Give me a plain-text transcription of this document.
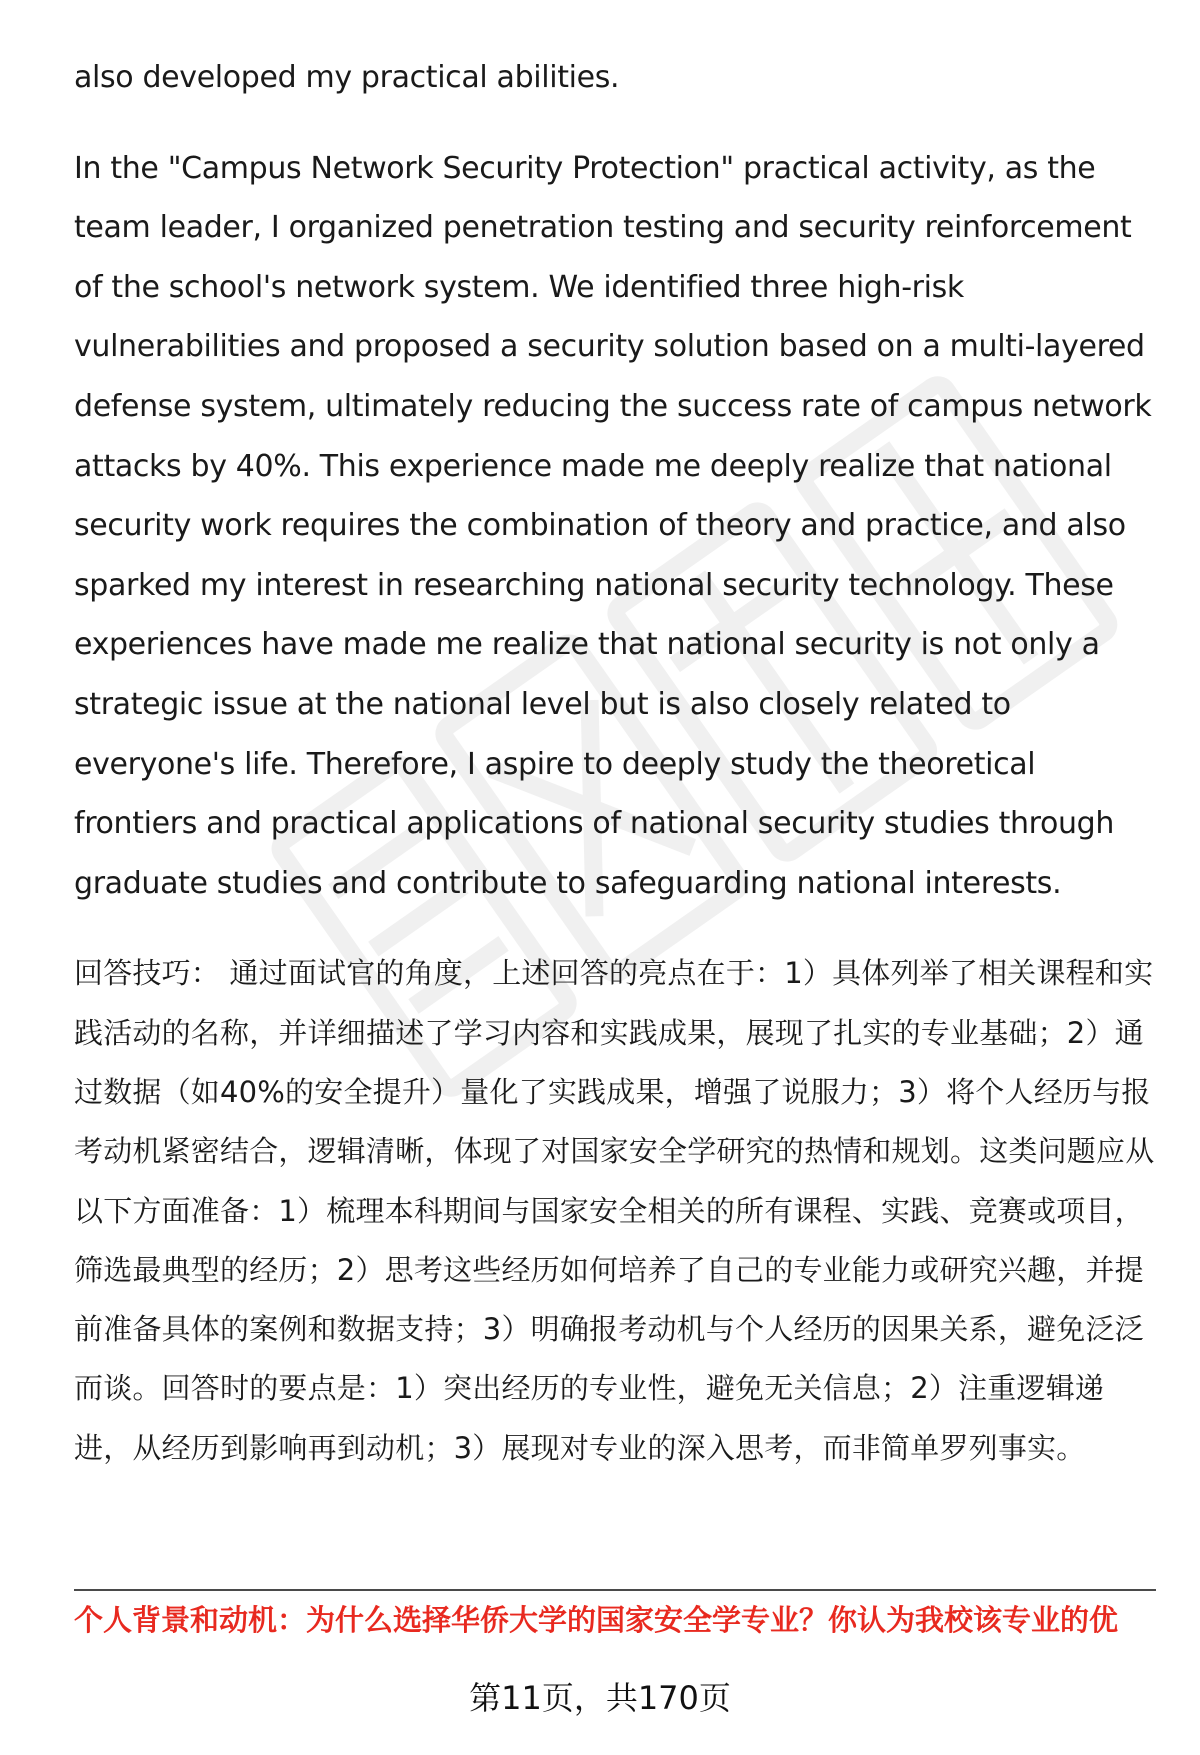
also developed my practical abilities.

In the "Campus Network Security Protection" practical activity, as the team leader, I organized penetration testing and security reinforcement of the school's network system. We identified three high-risk vulnerabilities and proposed a security solution based on a multi-layered defense system, ultimately reducing the success rate of campus network attacks by 40%. This experience made me deeply realize that national security work requires the combination of theory and practice, and also sparked my interest in researching national security technology. These experiences have made me realize that national security is not only a strategic issue at the national level but is also closely related to everyone's life. Therefore, I aspire to deeply study the theoretical frontiers and practical applications of national security studies through graduate studies and contribute to safeguarding national interests.

回答技巧： 通过面试官的角度，上述回答的亮点在于：1）具体列举了相关课程和实践活动的名称，并详细描述了学习内容和实践成果，展现了扎实的专业基础；2）通过数据（如40%的安全提升）量化了实践成果，增强了说服力；3）将个人经历与报考动机紧密结合，逻辑清晰，体现了对国家安全学研究的热情和规划。这类问题应从以下方面准备：1）梳理本科期间与国家安全相关的所有课程、实践、竞赛或项目，筛选最典型的经历；2）思考这些经历如何培养了自己的专业能力或研究兴趣，并提前准备具体的案例和数据支持；3）明确报考动机与个人经历的因果关系，避免泛泛而谈。回答时的要点是：1）突出经历的专业性，避免无关信息；2）注重逻辑递进，从经历到影响再到动机；3）展现对专业的深入思考，而非简单罗列事实。

个人背景和动机：为什么选择华侨大学的国家安全学专业？你认为我校该专业的优
第11页，共170页
